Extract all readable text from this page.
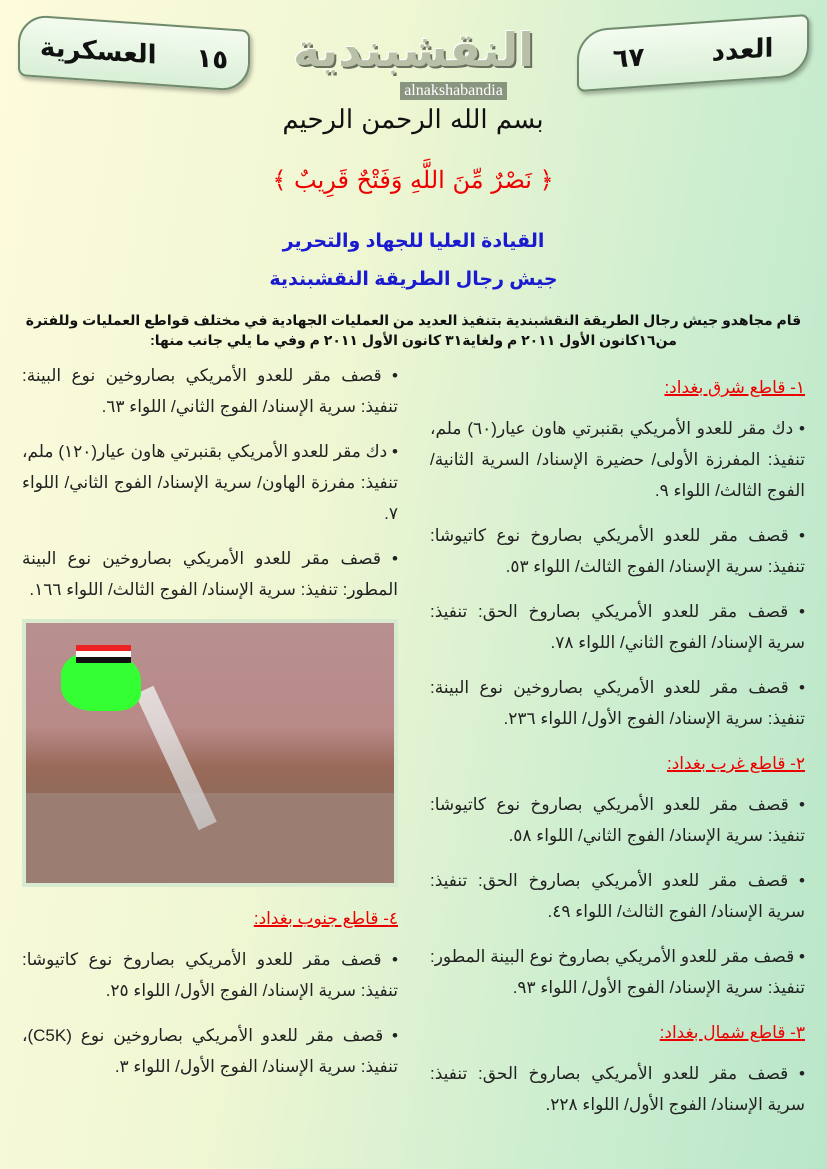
العدد
٦٧
١٥
العسكرية	النقشبندية
alnakshabandia
بسم الله الرحمن الرحيم
﴿ نَصْرٌ مِّنَ اللَّهِ وَفَتْحٌ قَرِيبٌ ﴾
القيادة العليا للجهاد والتحرير
جيش رجال الطريقة النقشبندية
قام مجاهدو جيش رجال الطريقة النقشبندية بتنفيذ العديد من العمليات الجهادية في مختلف قواطع العمليات وللفترة
من١٦كانون الأول ٢٠١١ م ولغاية٣١ كانون الأول ٢٠١١ م وفي ما يلي جانب منها:
١- قاطع شرق بغداد:
• دك مقر للعدو الأمريكي بقنبرتي هاون عيار(٦٠) ملم، تنفيذ: المفرزة الأولى/ حضيرة الإسناد/ السرية الثانية/ الفوج الثالث/ اللواء ٩.
• قصف مقر للعدو الأمريكي بصاروخ نوع كاتيوشا: تنفيذ: سرية الإسناد/ الفوج الثالث/ اللواء ٥٣.
• قصف مقر للعدو الأمريكي بصاروخ الحق: تنفيذ: سرية الإسناد/ الفوج الثاني/ اللواء ٧٨.
• قصف مقر للعدو الأمريكي بصاروخين نوع البينة: تنفيذ: سرية الإسناد/ الفوج الأول/ اللواء ٢٣٦.
٢- قاطع غرب بغداد:
• قصف مقر للعدو الأمريكي بصاروخ نوع كاتيوشا: تنفيذ: سرية الإسناد/ الفوج الثاني/ اللواء ٥٨.
• قصف مقر للعدو الأمريكي بصاروخ الحق: تنفيذ: سرية الإسناد/ الفوج الثالث/ اللواء ٤٩.
• قصف مقر للعدو الأمريكي بصاروخ نوع البينة المطور: تنفيذ: سرية الإسناد/ الفوج الأول/ اللواء ٩٣.
٣- قاطع شمال بغداد:
• قصف مقر للعدو الأمريكي بصاروخ الحق: تنفيذ: سرية الإسناد/ الفوج الأول/ اللواء ٢٢٨.
• قصف مقر للعدو الأمريكي بصاروخين نوع البينة: تنفيذ: سرية الإسناد/ الفوج الثاني/ اللواء ٦٣.
• دك مقر للعدو الأمريكي بقنبرتي هاون عيار(١٢٠) ملم، تنفيذ: مفرزة الهاون/ سرية الإسناد/ الفوج الثاني/ اللواء ٧.
• قصف مقر للعدو الأمريكي بصاروخين نوع البينة المطور: تنفيذ: سرية الإسناد/ الفوج الثالث/ اللواء ١٦٦.
٤- قاطع جنوب بغداد:
• قصف مقر للعدو الأمريكي بصاروخ نوع كاتيوشا: تنفيذ: سرية الإسناد/ الفوج الأول/ اللواء ٢٥.
• قصف مقر للعدو الأمريكي بصاروخين نوع (C5K)، تنفيذ: سرية الإسناد/ الفوج الأول/ اللواء ٣.
